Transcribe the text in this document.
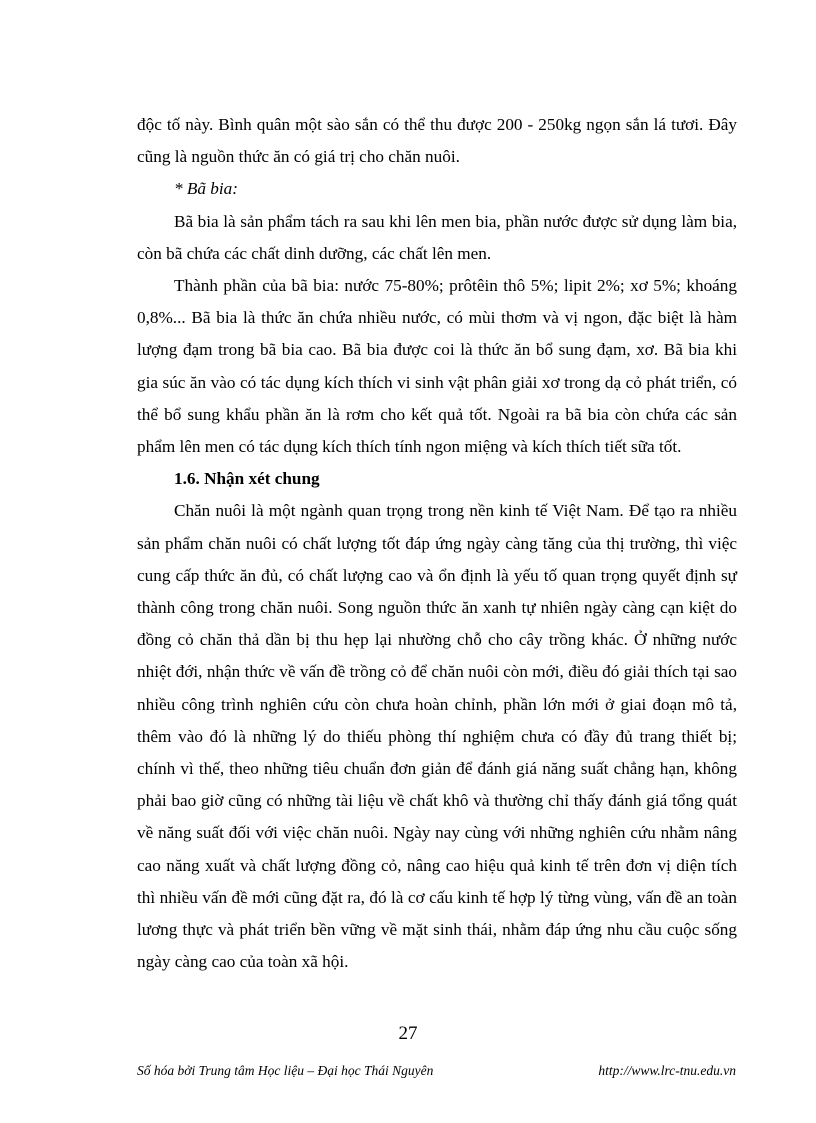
độc tố này. Bình quân một sào sắn có thể thu được 200 - 250kg ngọn sắn lá tươi. Đây cũng là nguồn thức ăn có giá trị cho chăn nuôi.

* Bã bia:

Bã bia là sản phẩm tách ra sau khi lên men bia, phần nước được sử dụng làm bia, còn bã chứa các chất dinh dưỡng, các chất lên men.

Thành phần của bã bia: nước 75-80%; prôtêin thô 5%; lipit 2%; xơ 5%; khoáng 0,8%... Bã bia là thức ăn chứa nhiều nước, có mùi thơm và vị ngon, đặc biệt là hàm lượng đạm trong bã bia cao. Bã bia được coi là thức ăn bổ sung đạm, xơ. Bã bia khi gia súc ăn vào có tác dụng kích thích vi sinh vật phân giải xơ trong dạ cỏ phát triển, có thể bổ sung khẩu phần ăn là rơm cho kết quả tốt. Ngoài ra bã bia còn chứa các sản phẩm lên men có tác dụng kích thích tính ngon miệng và kích thích tiết sữa tốt.

1.6. Nhận xét chung

Chăn nuôi là một ngành quan trọng trong nền kinh tế Việt Nam. Để tạo ra nhiều sản phẩm chăn nuôi có chất lượng tốt đáp ứng ngày càng tăng của thị trường, thì việc cung cấp thức ăn đủ, có chất lượng cao và ổn định là yếu tố quan trọng quyết định sự thành công trong chăn nuôi. Song nguồn thức ăn xanh tự nhiên ngày càng cạn kiệt do đồng cỏ chăn thả dần bị thu hẹp lại nhường chỗ cho cây trồng khác. Ở những nước nhiệt đới, nhận thức về vấn đề trồng cỏ để chăn nuôi còn mới, điều đó giải thích tại sao nhiều công trình nghiên cứu còn chưa hoàn chỉnh, phần lớn mới ở giai đoạn mô tả, thêm vào đó là những lý do thiếu phòng thí nghiệm chưa có đầy đủ trang thiết bị; chính vì thế, theo những tiêu chuẩn đơn giản để đánh giá năng suất chẳng hạn, không phải bao giờ cũng có những tài liệu về chất khô và thường chỉ thấy đánh giá tổng quát về năng suất đối với việc chăn nuôi. Ngày nay cùng với những nghiên cứu nhằm nâng cao năng xuất và chất lượng đồng cỏ, nâng cao hiệu quả kinh tế trên đơn vị diện tích thì nhiều vấn đề mới cũng đặt ra, đó là cơ cấu kinh tế hợp lý từng vùng, vấn đề an toàn lương thực và phát triển bền vững về mặt sinh thái, nhằm đáp ứng nhu cầu cuộc sống ngày càng cao của toàn xã hội.

27
Số hóa bởi Trung tâm Học liệu – Đại học Thái Nguyên	http://www.lrc-tnu.edu.vn
